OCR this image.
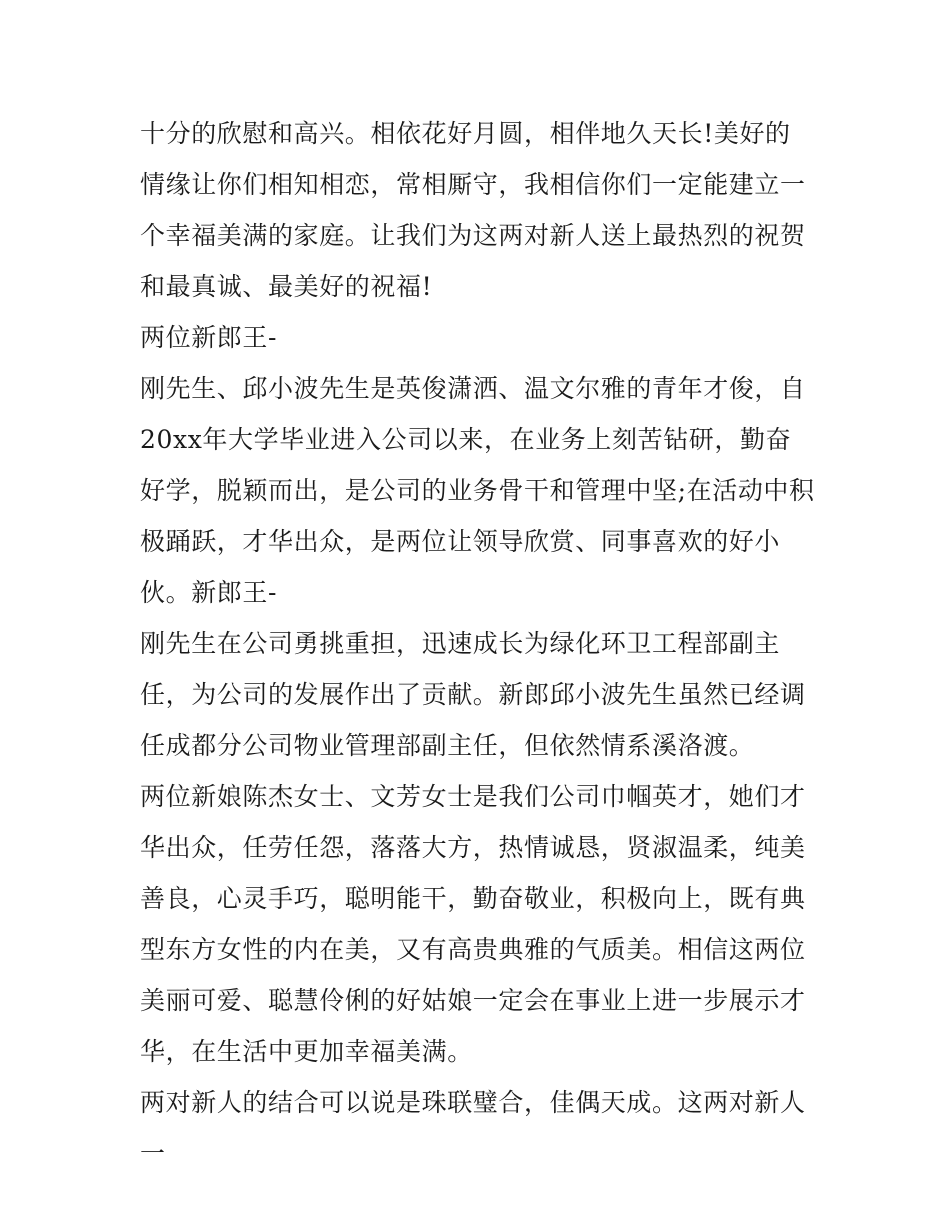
十分的欣慰和高兴。相依花好月圆，相伴地久天长!美好的情缘让你们相知相恋，常相厮守，我相信你们一定能建立一个幸福美满的家庭。让我们为这两对新人送上最热烈的祝贺和最真诚、最美好的祝福!

两位新郎王-

刚先生、邱小波先生是英俊潇洒、温文尔雅的青年才俊，自20xx年大学毕业进入公司以来，在业务上刻苦钻研，勤奋好学，脱颖而出，是公司的业务骨干和管理中坚;在活动中积极踊跃，才华出众，是两位让领导欣赏、同事喜欢的好小伙。新郎王-

刚先生在公司勇挑重担，迅速成长为绿化环卫工程部副主任，为公司的发展作出了贡献。新郎邱小波先生虽然已经调任成都分公司物业管理部副主任，但依然情系溪洛渡。

两位新娘陈杰女士、文芳女士是我们公司巾帼英才，她们才华出众，任劳任怨，落落大方，热情诚恳，贤淑温柔，纯美善良，心灵手巧，聪明能干，勤奋敬业，积极向上，既有典型东方女性的内在美，又有高贵典雅的气质美。相信这两位美丽可爱、聪慧伶俐的好姑娘一定会在事业上进一步展示才华，在生活中更加幸福美满。

两对新人的结合可以说是珠联璧合，佳偶天成。这两对新人一
